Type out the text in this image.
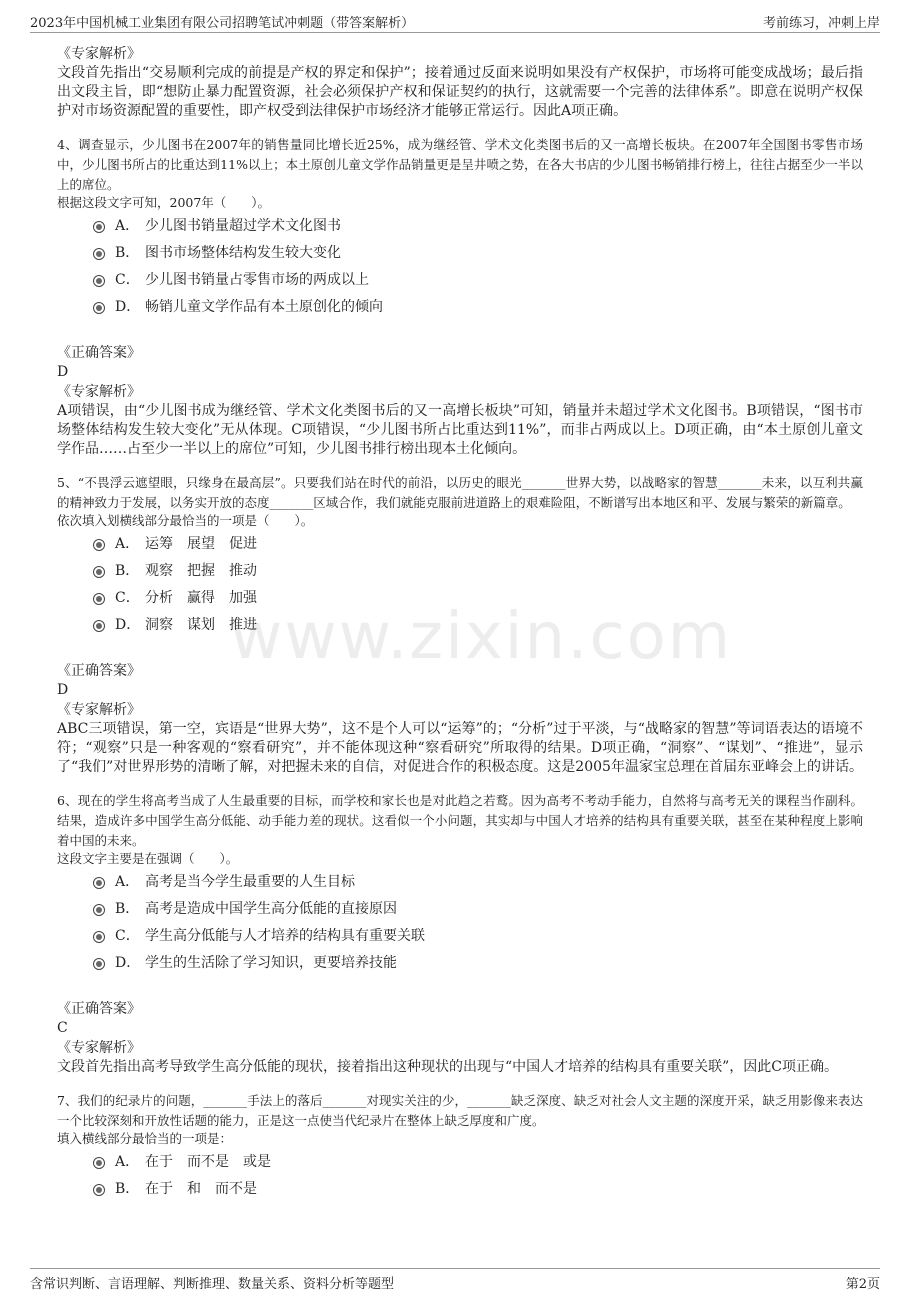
2023年中国机械工业集团有限公司招聘笔试冲刺题（带答案解析）	考前练习，冲刺上岸
www.zixin.com
《专家解析》
文段首先指出“交易顺利完成的前提是产权的界定和保护”；接着通过反面来说明如果没有产权保护，市场将可能变成战场；最后指出文段主旨，即“想防止暴力配置资源，社会必须保护产权和保证契约的执行，这就需要一个完善的法律体系”。即意在说明产权保护对市场资源配置的重要性，即产权受到法律保护市场经济才能够正常运行。因此A项正确。
4、调查显示，少儿图书在2007年的销售量同比增长近25%，成为继经管、学术文化类图书后的又一高增长板块。在2007年全国图书零售市场中，少儿图书所占的比重达到11%以上；本土原创儿童文学作品销量更是呈井喷之势，在各大书店的少儿图书畅销排行榜上，往往占据至少一半以上的席位。
根据这段文字可知，2007年（　　）。
A． 少儿图书销量超过学术文化图书
B． 图书市场整体结构发生较大变化
C． 少儿图书销量占零售市场的两成以上
D． 畅销儿童文学作品有本土原创化的倾向
《正确答案》
D
《专家解析》
A项错误，由“少儿图书成为继经管、学术文化类图书后的又一高增长板块”可知，销量并未超过学术文化图书。B项错误，“图书市场整体结构发生较大变化”无从体现。C项错误，“少儿图书所占比重达到11%”，而非占两成以上。D项正确，由“本土原创儿童文学作品……占至少一半以上的席位”可知，少儿图书排行榜出现本土化倾向。
5、“不畏浮云遮望眼，只缘身在最高层”。只要我们站在时代的前沿，以历史的眼光_______世界大势，以战略家的智慧_______未来，以互利共赢的精神致力于发展，以务实开放的态度_______区域合作，我们就能克服前进道路上的艰难险阻，不断谱写出本地区和平、发展与繁荣的新篇章。
依次填入划横线部分最恰当的一项是（　　）。
A． 运筹　展望　促进
B． 观察　把握　推动
C． 分析　赢得　加强
D． 洞察　谋划　推进
《正确答案》
D
《专家解析》
ABC三项错误，第一空，宾语是“世界大势”，这不是个人可以“运筹”的；“分析”过于平淡，与“战略家的智慧”等词语表达的语境不符；“观察”只是一种客观的“察看研究”，并不能体现这种“察看研究”所取得的结果。D项正确，“洞察”、“谋划”、“推进”，显示了“我们”对世界形势的清晰了解，对把握未来的自信，对促进合作的积极态度。这是2005年温家宝总理在首届东亚峰会上的讲话。
6、现在的学生将高考当成了人生最重要的目标，而学校和家长也是对此趋之若鹜。因为高考不考动手能力，自然将与高考无关的课程当作副科。结果，造成许多中国学生高分低能、动手能力差的现状。这看似一个小问题，其实却与中国人才培养的结构具有重要关联，甚至在某种程度上影响着中国的未来。
这段文字主要是在强调（　　）。
A． 高考是当今学生最重要的人生目标
B． 高考是造成中国学生高分低能的直接原因
C． 学生高分低能与人才培养的结构具有重要关联
D． 学生的生活除了学习知识，更要培养技能
《正确答案》
C
《专家解析》
文段首先指出高考导致学生高分低能的现状，接着指出这种现状的出现与“中国人才培养的结构具有重要关联”，因此C项正确。
7、我们的纪录片的问题，_______手法上的落后_______对现实关注的少，_______缺乏深度、缺乏对社会人文主题的深度开采，缺乏用影像来表达一个比较深刻和开放性话题的能力，正是这一点使当代纪录片在整体上缺乏厚度和广度。
填入横线部分最恰当的一项是：
A． 在于　而不是　或是
B． 在于　和　而不是
含常识判断、言语理解、判断推理、数量关系、资料分析等题型	第2页
